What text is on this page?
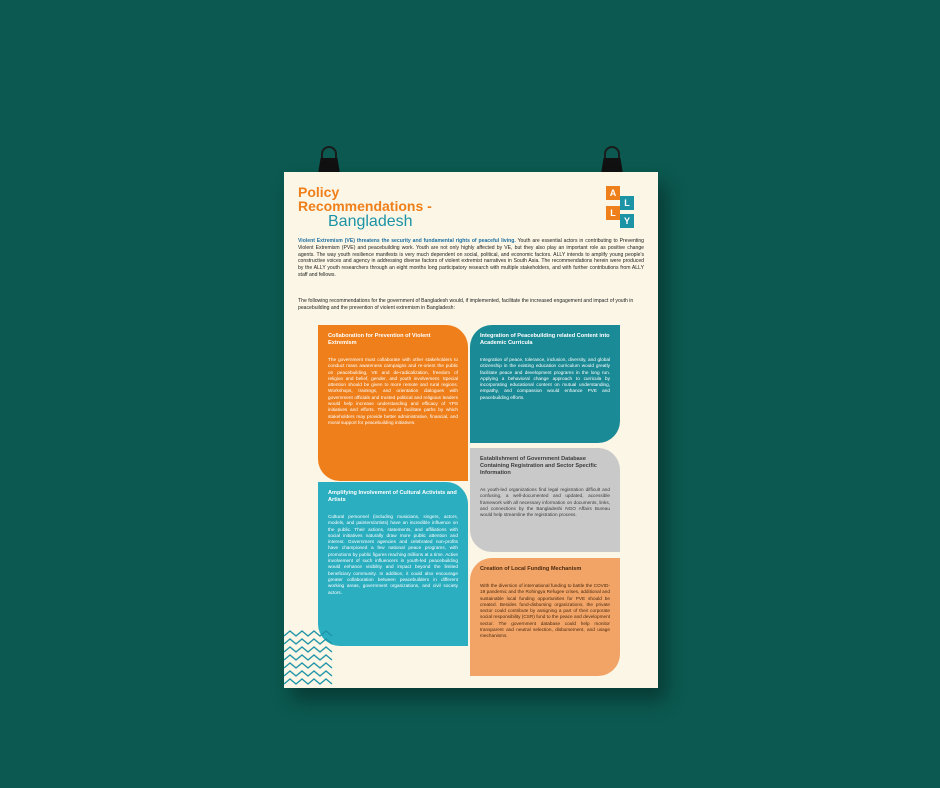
Policy
Recommendations -
Bangladesh
A
L
L
Y
Violent Extremism (VE) threatens the security and fundamental rights of peaceful living. Youth are essential actors in contributing to Preventing Violent Extremism (PVE) and peacebuilding work. Youth are not only highly affected by VE, but they also play an important role as positive change agents. The way youth resilience manifests is very much dependent on social, political, and economic factors. ALLY intends to amplify young people's constructive voices and agency in addressing diverse factors of violent extremist narratives in South Asia. The recommendations herein were produced by the ALLY youth researchers through an eight months long participatory research with multiple stakeholders, and with further contributions from ALLY staff and fellows.
The following recommendations for the government of Bangladesh would, if implemented, facilitate the increased engagement and impact of youth in peacebuilding and the prevention of violent extremism in Bangladesh:
Collaboration for Prevention of Violent Extremism

The government must collaborate with other stakeholders to conduct mass awareness campaigns and re-orient the public on peacebuilding, VE and de-radicalization, freedom of religion and belief, gender, and youth involvement. Special attention should be given to more remote and rural regions. Workshops, trainings, and orientation dialogues with government officials and trusted political and religious leaders would help increase understanding and efficacy of YPS initiatives and efforts. This would facilitate paths by which stakeholders may provide better administrative, financial, and moral support for peacebuilding initiatives.

Integration of Peacebuilding related Content into Academic Curricula

Integration of peace, tolerance, inclusion, diversity, and global citizenship in the existing education curriculum would greatly facilitate peace and development programs in the long run. Applying a behavioral change approach to curricula by incorporating educational content on mutual understanding, empathy, and compassion would enhance PVE and peacebuilding efforts.

Establishment of Government Database Containing Registration and Sector Specific Information

As youth-led organizations find legal registration difficult and confusing, a well-documented and updated, accessible framework with all necessary information on documents, links, and connections by the Bangladeshi NGO Affairs Bureau would help streamline the registration process.

Amplifying Involvement of Cultural Activists and Artists

Cultural personnel (including musicians, singers, actors, models, and painters/artists) have an incredible influence on the public. Their actions, statements, and affiliations with social initiatives naturally draw more public attention and interest. Government agencies and celebrated non-profits have championed a few national peace programs, with promotions by public figures reaching millions at a time. Active involvement of such influencers in youth-led peacebuilding would enhance visibility and impact beyond the limited beneficiary community. In addition, it could also encourage greater collaboration between peacebuilders in different working areas, government organizations, and civil society actors.

Creation of Local Funding Mechanism

With the diversion of international funding to battle the COVID-19 pandemic and the Rohingya Refugee crises, additional and sustainable local funding opportunities for PVE should be created. Besides fund-disbursing organizations, the private sector could contribute by assigning a part of their corporate social responsibility (CSR) fund to the peace and development sector. The government database could help monitor transparent and neutral selection, disbursement, and usage mechanisms.
